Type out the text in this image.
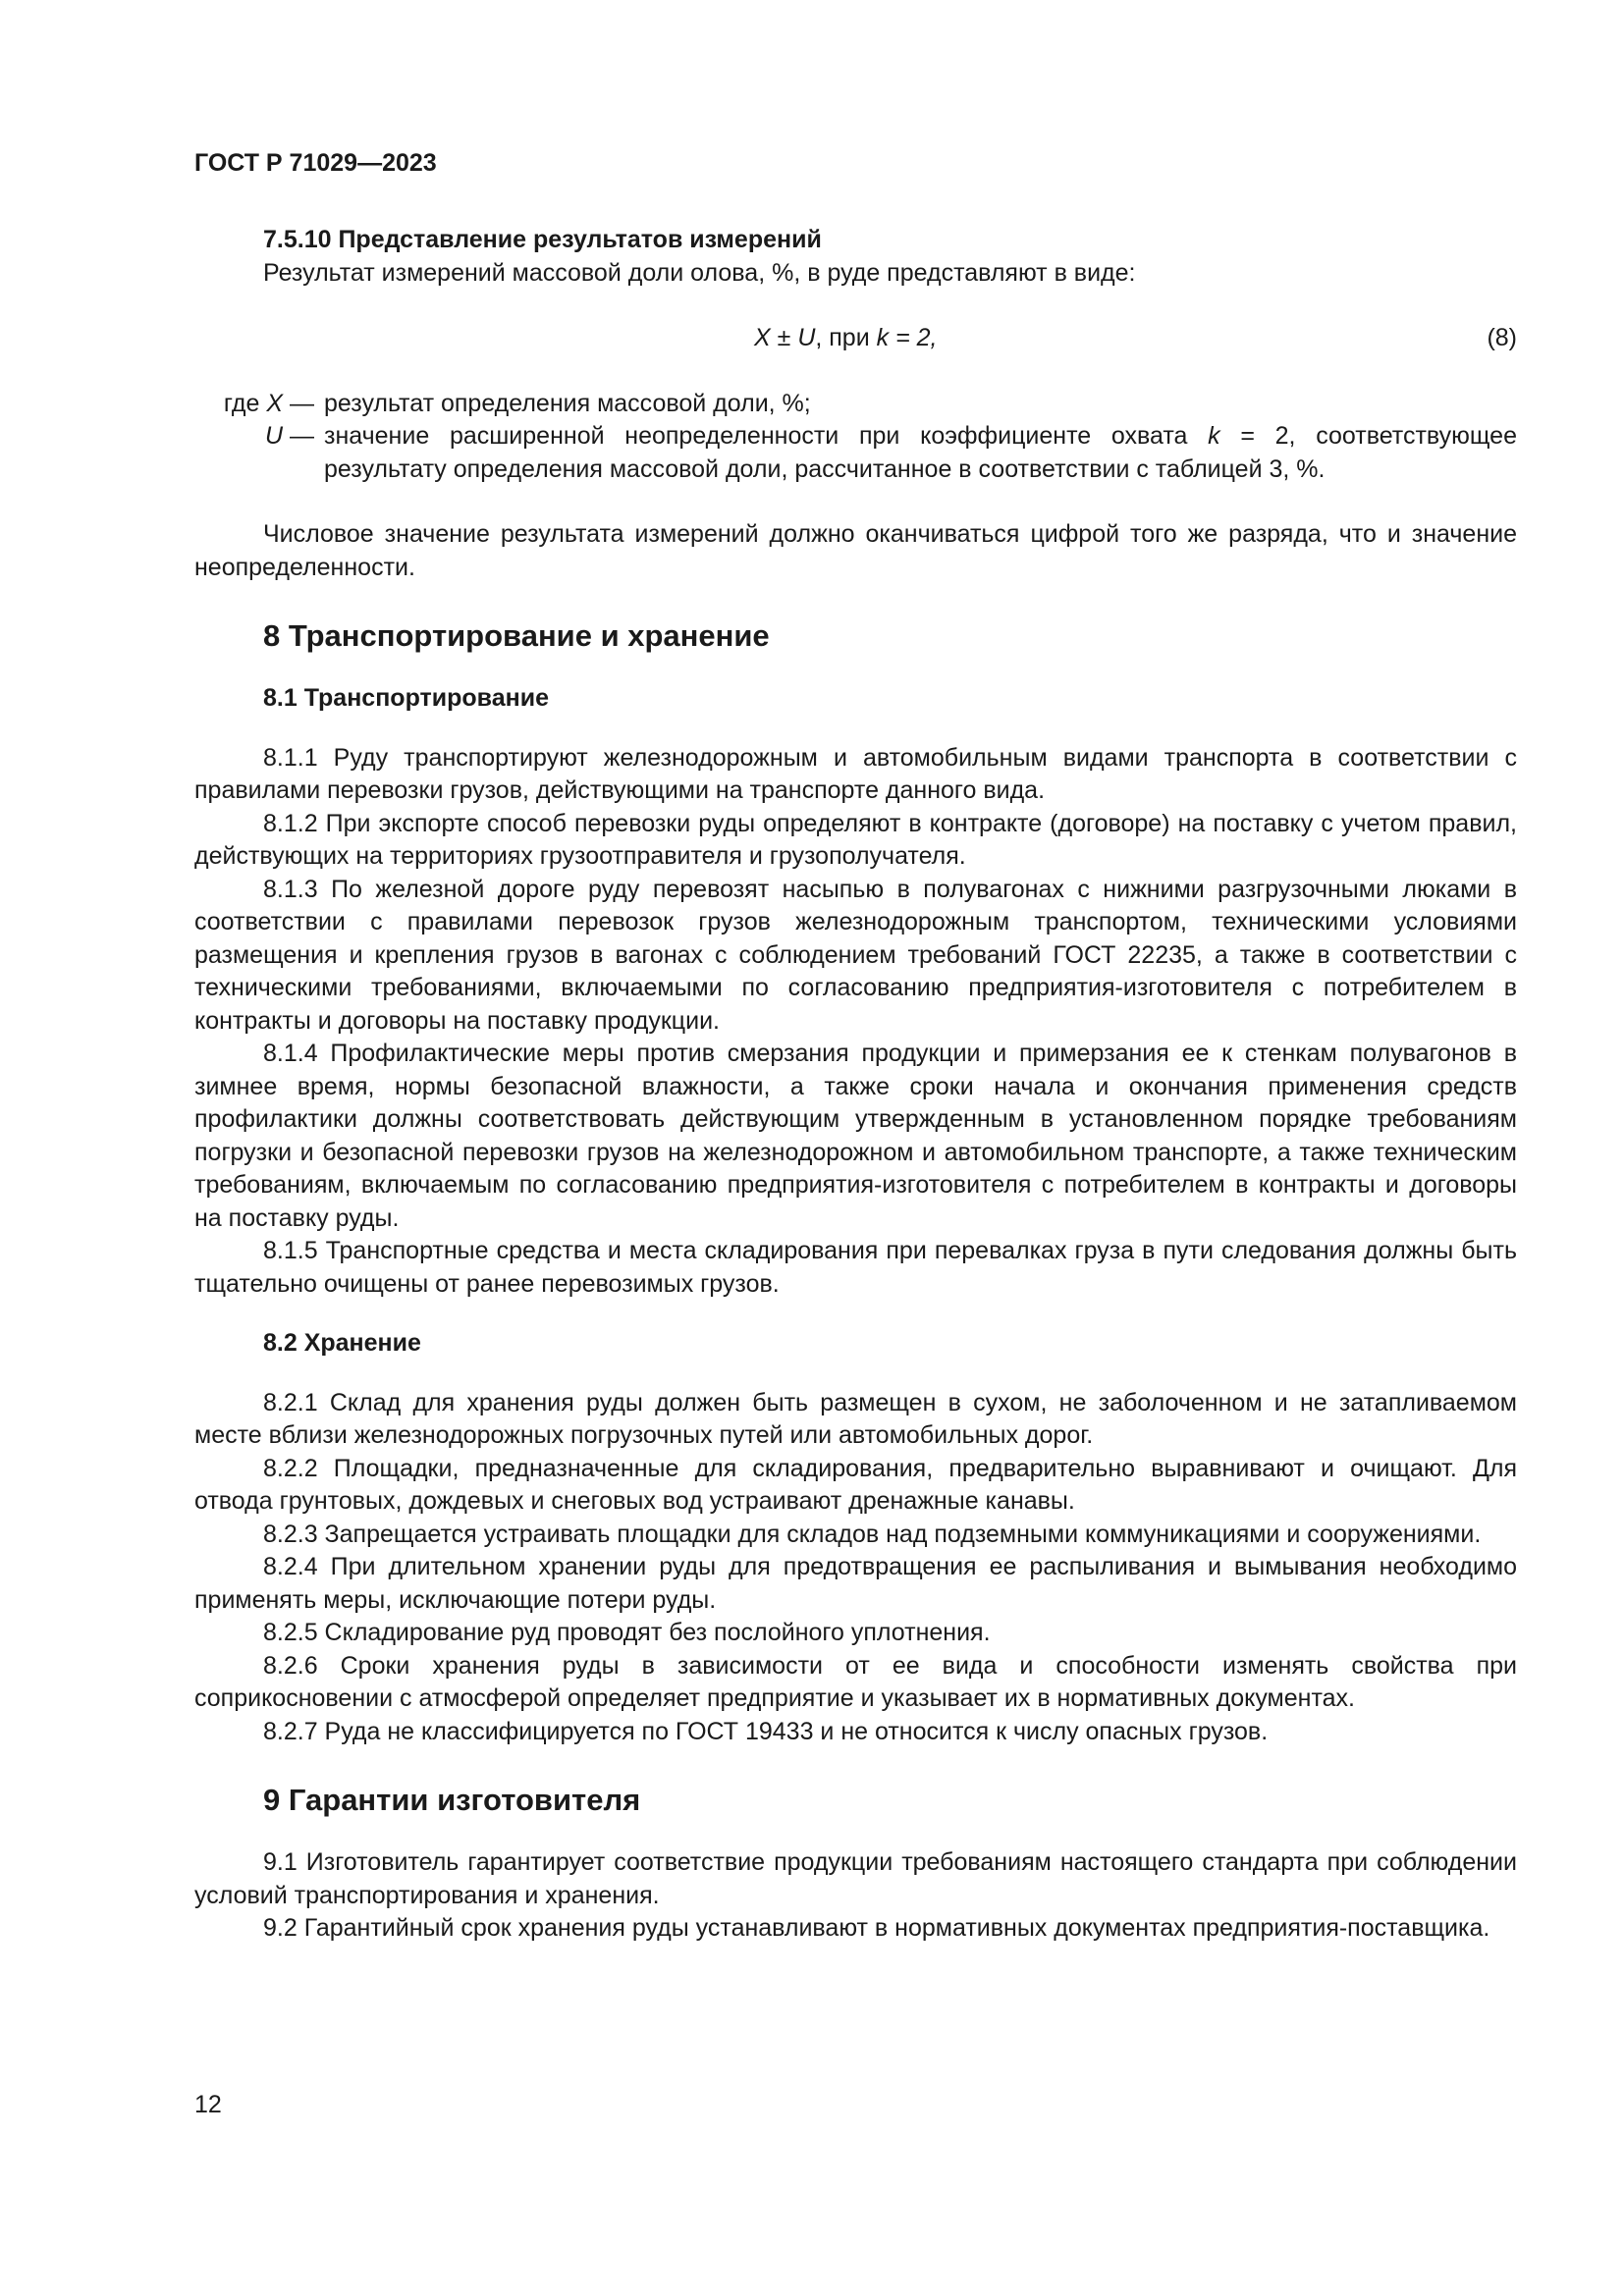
ГОСТ Р 71029—2023

7.5.10 Представление результатов измерений

Результат измерений массовой доли олова, %, в руде представляют в виде:

X ± U, при k = 2,	(8)
где X — результат определения массовой доли, %;
U — значение расширенной неопределенности при коэффициенте охвата k = 2, соответствующее результату определения массовой доли, рассчитанное в соответствии с таблицей 3, %.

Числовое значение результата измерений должно оканчиваться цифрой того же разряда, что и значение неопределенности.

8 Транспортирование и хранение
8.1 Транспортирование

8.1.1 Руду транспортируют железнодорожным и автомобильным видами транспорта в соответствии с правилами перевозки грузов, действующими на транспорте данного вида.

8.1.2 При экспорте способ перевозки руды определяют в контракте (договоре) на поставку с учетом правил, действующих на территориях грузоотправителя и грузополучателя.

8.1.3 По железной дороге руду перевозят насыпью в полувагонах с нижними разгрузочными люками в соответствии с правилами перевозок грузов железнодорожным транспортом, техническими условиями размещения и крепления грузов в вагонах с соблюдением требований ГОСТ 22235, а также в соответствии с техническими требованиями, включаемыми по согласованию предприятия-изготовителя с потребителем в контракты и договоры на поставку продукции.

8.1.4 Профилактические меры против смерзания продукции и примерзания ее к стенкам полувагонов в зимнее время, нормы безопасной влажности, а также сроки начала и окончания применения средств профилактики должны соответствовать действующим утвержденным в установленном порядке требованиям погрузки и безопасной перевозки грузов на железнодорожном и автомобильном транспорте, а также техническим требованиям, включаемым по согласованию предприятия-изготовителя с потребителем в контракты и договоры на поставку руды.

8.1.5 Транспортные средства и места складирования при перевалках груза в пути следования должны быть тщательно очищены от ранее перевозимых грузов.

8.2 Хранение

8.2.1 Склад для хранения руды должен быть размещен в сухом, не заболоченном и не затапливаемом месте вблизи железнодорожных погрузочных путей или автомобильных дорог.

8.2.2 Площадки, предназначенные для складирования, предварительно выравнивают и очищают. Для отвода грунтовых, дождевых и снеговых вод устраивают дренажные канавы.

8.2.3 Запрещается устраивать площадки для складов над подземными коммуникациями и сооружениями.

8.2.4 При длительном хранении руды для предотвращения ее распыливания и вымывания необходимо применять меры, исключающие потери руды.

8.2.5 Складирование руд проводят без послойного уплотнения.

8.2.6 Сроки хранения руды в зависимости от ее вида и способности изменять свойства при соприкосновении с атмосферой определяет предприятие и указывает их в нормативных документах.

8.2.7 Руда не классифицируется по ГОСТ 19433 и не относится к числу опасных грузов.

9 Гарантии изготовителя

9.1 Изготовитель гарантирует соответствие продукции требованиям настоящего стандарта при соблюдении условий транспортирования и хранения.

9.2 Гарантийный срок хранения руды устанавливают в нормативных документах предприятия-поставщика.

12
